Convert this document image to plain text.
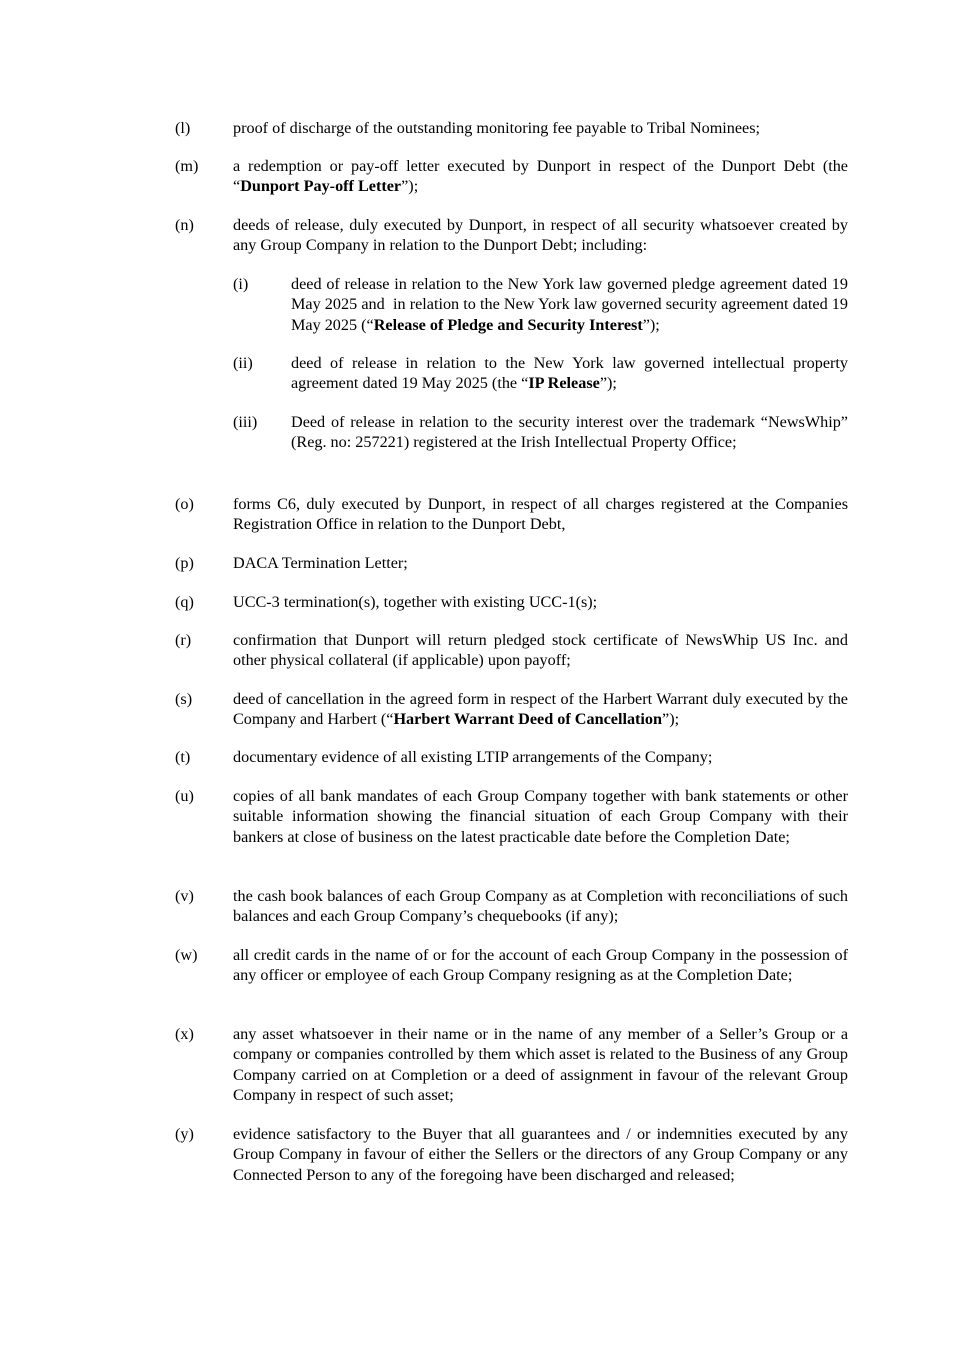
(l)	proof of discharge of the outstanding monitoring fee payable to Tribal Nominees;
(m) a redemption or pay-off letter executed by Dunport in respect of the Dunport Debt (the “Dunport Pay-off Letter”);
(n) deeds of release, duly executed by Dunport, in respect of all security whatsoever created by any Group Company in relation to the Dunport Debt; including:
(i)	deed of release in relation to the New York law governed pledge agreement dated 19 May 2025 and  in relation to the New York law governed security agreement dated 19 May 2025 (“Release of Pledge and Security Interest”);
(ii) deed of release in relation to the New York law governed intellectual property agreement dated 19 May 2025 (the “IP Release”);
(iii) Deed of release in relation to the security interest over the trademark “NewsWhip” (Reg. no: 257221) registered at the Irish Intellectual Property Office;
(o) forms C6, duly executed by Dunport, in respect of all charges registered at the Companies Registration Office in relation to the Dunport Debt,
(p) DACA Termination Letter;
(q) UCC-3 termination(s), together with existing UCC-1(s);
(r)	confirmation that Dunport will return pledged stock certificate of NewsWhip US Inc. and other physical collateral (if applicable) upon payoff;
(s)	deed of cancellation in the agreed form in respect of the Harbert Warrant duly executed by the Company and Harbert (“Harbert Warrant Deed of Cancellation”);
(t)	documentary evidence of all existing LTIP arrangements of the Company;
(u) copies of all bank mandates of each Group Company together with bank statements or other suitable information showing the financial situation of each Group Company with their bankers at close of business on the latest practicable date before the Completion Date;
(v) the cash book balances of each Group Company as at Completion with reconciliations of such balances and each Group Company’s chequebooks (if any);
(w) all credit cards in the name of or for the account of each Group Company in the possession of any officer or employee of each Group Company resigning as at the Completion Date;
(x) any asset whatsoever in their name or in the name of any member of a Seller’s Group or a company or companies controlled by them which asset is related to the Business of any Group Company carried on at Completion or a deed of assignment in favour of the relevant Group Company in respect of such asset;
(y) evidence satisfactory to the Buyer that all guarantees and / or indemnities executed by any Group Company in favour of either the Sellers or the directors of any Group Company or any Connected Person to any of the foregoing have been discharged and released;
